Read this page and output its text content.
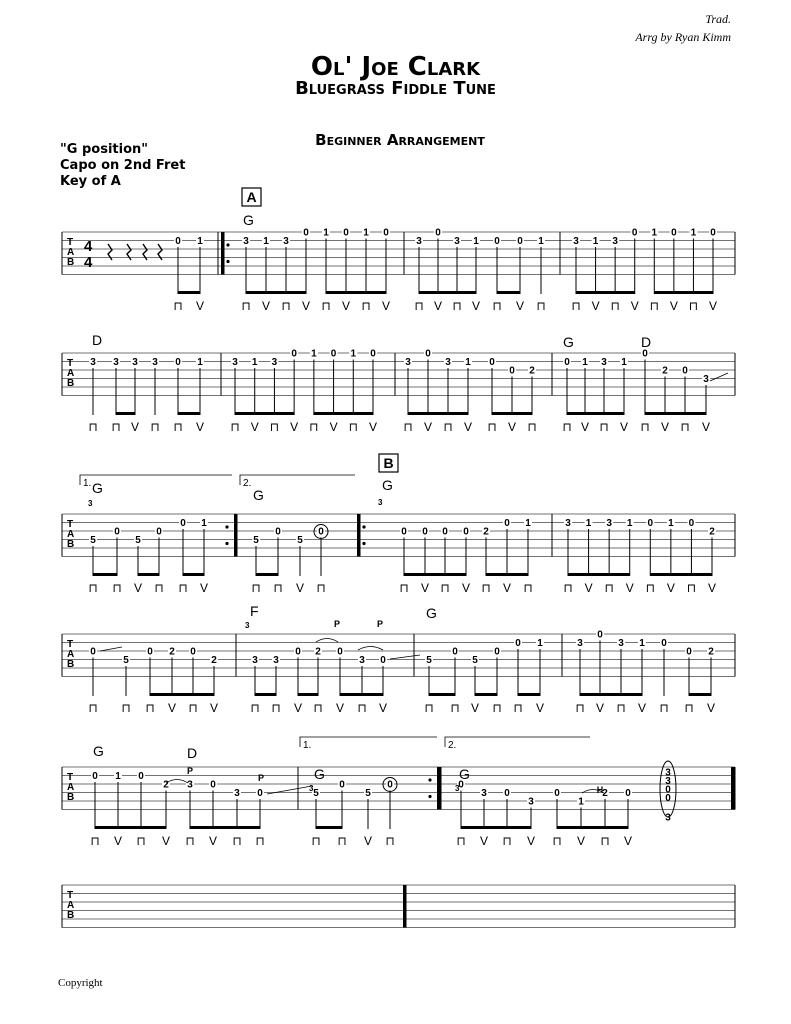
Trad.
Arrg by Ryan Kimm
Ol' Joe Clark
Bluegrass Fiddle Tune
Beginner Arrangement
"G position"
Capo on 2nd Fret
Key of A
Copyright
T
A
B
T
A
B
T
A
B
T
A
B
T
A
B
T
A
B
4
4
0 1
⊓ V
3 1 3
0 1 0 1 0
⊓ V ⊓ V ⊓ V ⊓ V
3
0
3 1 0 0 1
⊓ V ⊓ V ⊓ V ⊓
3 1 3
0 1 0 1 0
⊓ V ⊓ V ⊓ V ⊓ V
3 3 3 3 0 1
⊓ ⊓ V ⊓ ⊓ V
3 1 3
0 1 0 1 0
⊓ V ⊓ V ⊓ V ⊓ V
3
0
3 1 0
0 2
⊓ V ⊓ V ⊓ V ⊓
0 1 3 1
0
2 0
3
⊓ V ⊓ V ⊓ V ⊓ V
5
0
5
0
0 1
⊓ ⊓ V ⊓ ⊓ V
5
0
5
0
⊓ ⊓ V ⊓
0 0 0 0 2
0 1
⊓ V ⊓ V ⊓ V ⊓
3 1 3 1 0 1 0
2
⊓ V ⊓ V ⊓ V ⊓ V
0
5
0 2 0
2
⊓ ⊓ ⊓ V ⊓ V
3 3
0 2 0
3 0
⊓ ⊓ V ⊓ V ⊓ V
5
0
5
0
0 1
⊓ ⊓ V ⊓ ⊓ V
3
0
3 1 0
0 2
⊓ V ⊓ V ⊓ ⊓ V
0 1 0
2 3 0
3 0
⊓ V ⊓ V ⊓ V ⊓ ⊓
5
0
5
0
⊓ ⊓ V ⊓
0
3 0
3
0
1
2 0
⊓ V ⊓ V ⊓ V ⊓ V
3
3
0
0
3
P	P
P
P
H
G
D	G	D
G	G
G
F	G
G	D
G	G
3	3
3
3	3
A
B
1.	2.
1.	2.
